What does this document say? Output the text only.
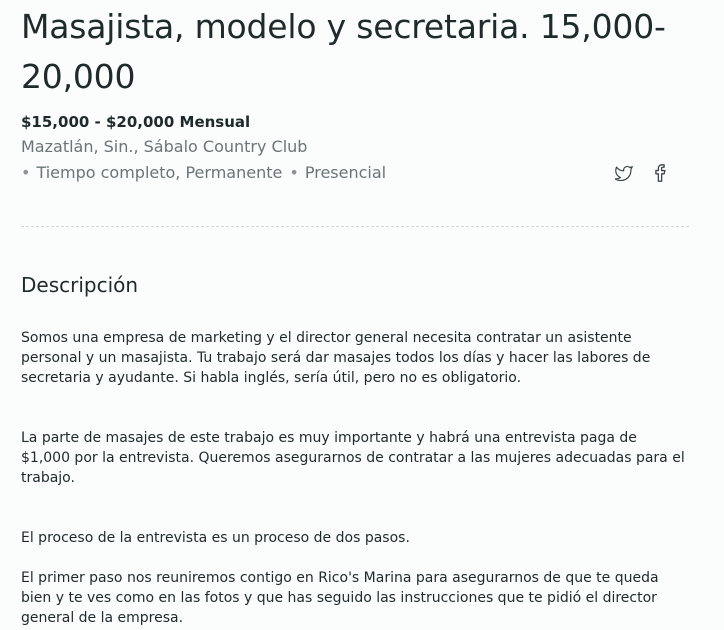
Masajista, modelo y secretaria. 15,000-20,000
$15,000 - $20,000 Mensual
Mazatlán, Sin., Sábalo Country Club
• Tiempo completo, Permanente • Presencial
Descripción

Somos una empresa de marketing y el director general necesita contratar un asistente personal y un masajista. Tu trabajo será dar masajes todos los días y hacer las labores de secretaria y ayudante. Si habla inglés, sería útil, pero no es obligatorio.

La parte de masajes de este trabajo es muy importante y habrá una entrevista paga de $1,000 por la entrevista. Queremos asegurarnos de contratar a las mujeres adecuadas para el trabajo.

El proceso de la entrevista es un proceso de dos pasos.

El primer paso nos reuniremos contigo en Rico's Marina para asegurarnos de que te queda bien y te ves como en las fotos y que has seguido las instrucciones que te pidió el director general de la empresa.
